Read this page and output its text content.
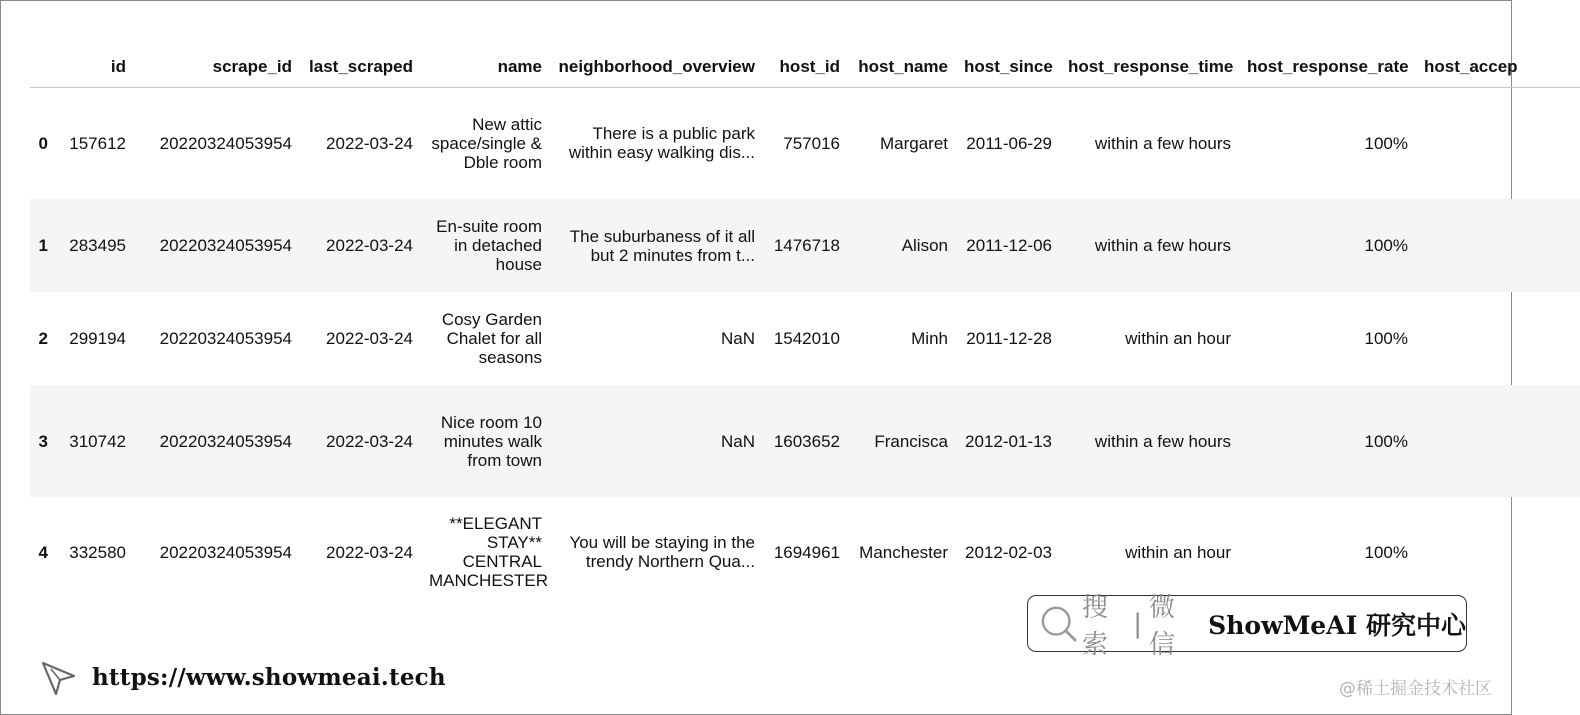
	id	scrape_id	last_scraped	name	neighborhood_overview	host_id	host_name	host_since	host_response_time	host_response_rate	host_accep
0	157612	20220324053954	2022-03-24	New attic space/single & Dble room	There is a public park within easy walking dis...	757016	Margaret	2011-06-29	within a few hours	100%	
1	283495	20220324053954	2022-03-24	En-suite room in detached house	The suburbaness of it all but 2 minutes from t...	1476718	Alison	2011-12-06	within a few hours	100%	
2	299194	20220324053954	2022-03-24	Cosy Garden Chalet for all seasons	NaN	1542010	Minh	2011-12-28	within an hour	100%	
3	310742	20220324053954	2022-03-24	Nice room 10 minutes walk from town	NaN	1603652	Francisca	2012-01-13	within a few hours	100%	
4	332580	20220324053954	2022-03-24	**ELEGANT STAY** CENTRAL MANCHESTER	You will be staying in the trendy Northern Qua...	1694961	Manchester	2012-02-03	within an hour	100%	
搜索
|
微信
ShowMeAI 研究中心
https://www.showmeai.tech	@稀土掘金技术社区
